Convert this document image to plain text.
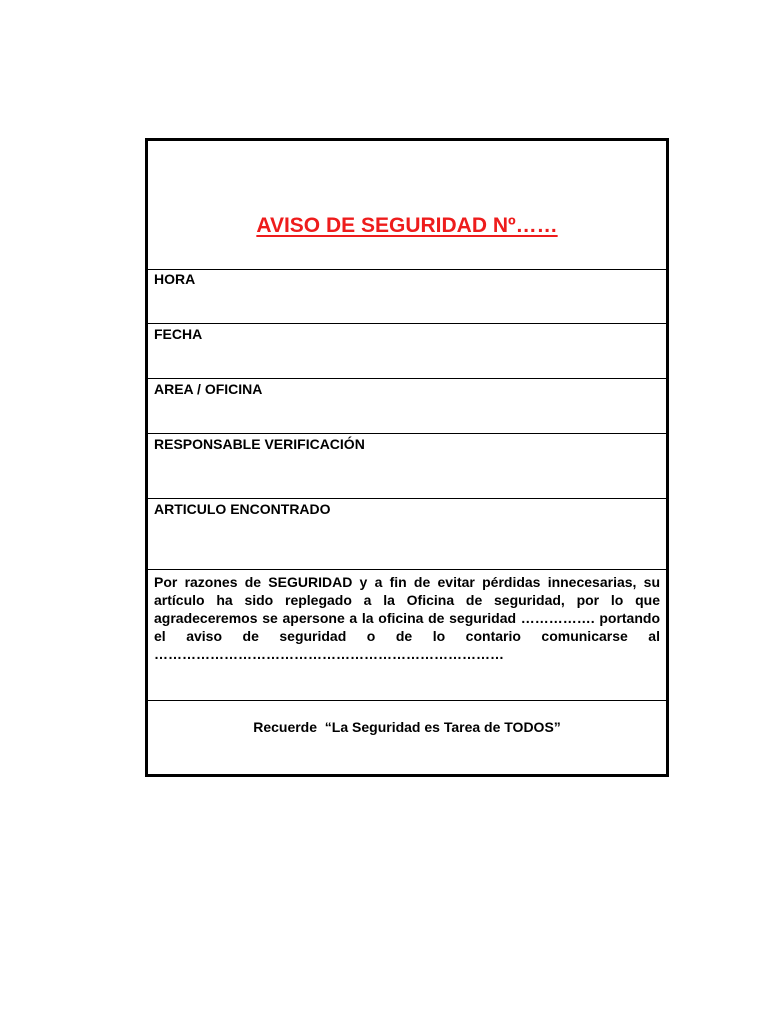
AVISO DE SEGURIDAD Nº……
HORA
FECHA
AREA / OFICINA
RESPONSABLE VERIFICACIÓN
ARTICULO ENCONTRADO
Por razones de SEGURIDAD y a fin de evitar pérdidas innecesarias, su artículo ha sido replegado a la Oficina de seguridad, por lo que agradeceremos se apersone a la oficina de seguridad ……………. portando el aviso de seguridad o de lo contario comunicarse al …………………………………………………………………
Recuerde  “La Seguridad es Tarea de TODOS”
